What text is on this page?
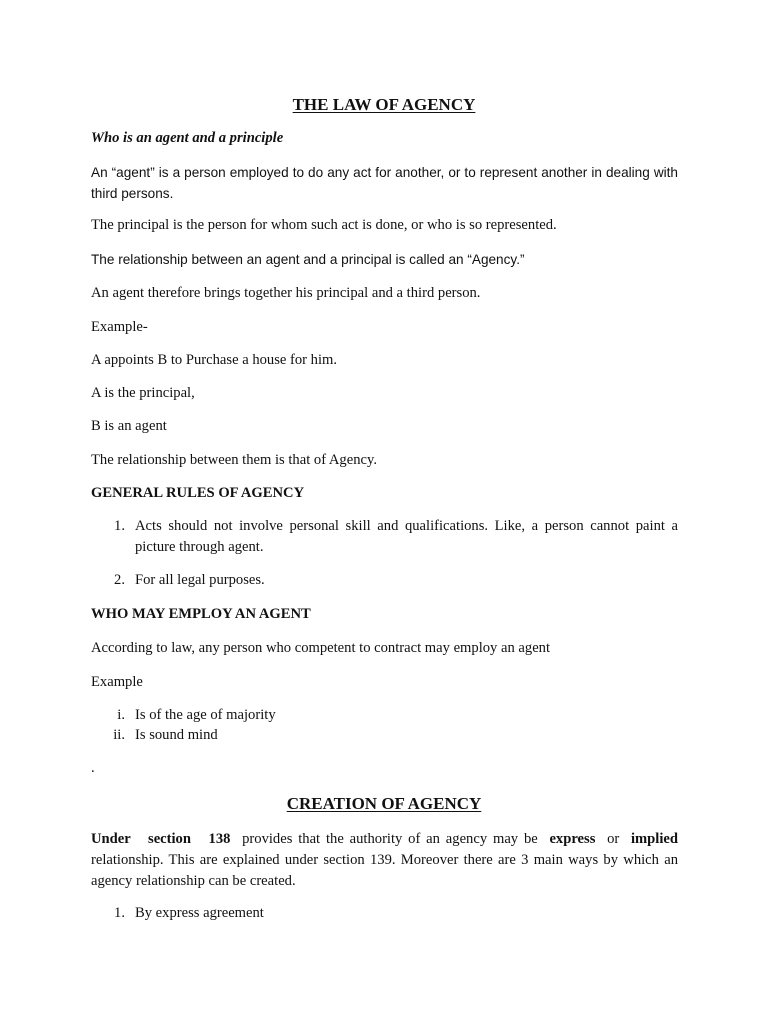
THE LAW OF AGENCY
Who is an agent and a principle
An “agent” is a person employed to do any act for another, or to represent another in dealing with third persons.
The principal is the person for whom such act is done, or who is so represented.
The relationship between an agent and a principal is called an “Agency.”
An agent therefore brings together his principal and a third person.
Example-
A appoints B to Purchase a house for him.
A is the principal,
B is an agent
The relationship between them is that of Agency.
GENERAL RULES OF AGENCY
1. Acts should not involve personal skill and qualifications. Like, a person cannot paint a picture through agent.
2. For all legal purposes.
WHO MAY EMPLOY AN AGENT
According to law, any person who competent to contract may employ an agent
Example
i. Is of the age of majority
ii. Is sound mind
.
CREATION OF AGENCY
Under   section   138  provides that the authority of an agency may be  express  or  implied relationship. This are explained under section 139. Moreover there are 3 main ways by which an agency relationship can be created.
1. By express agreement
